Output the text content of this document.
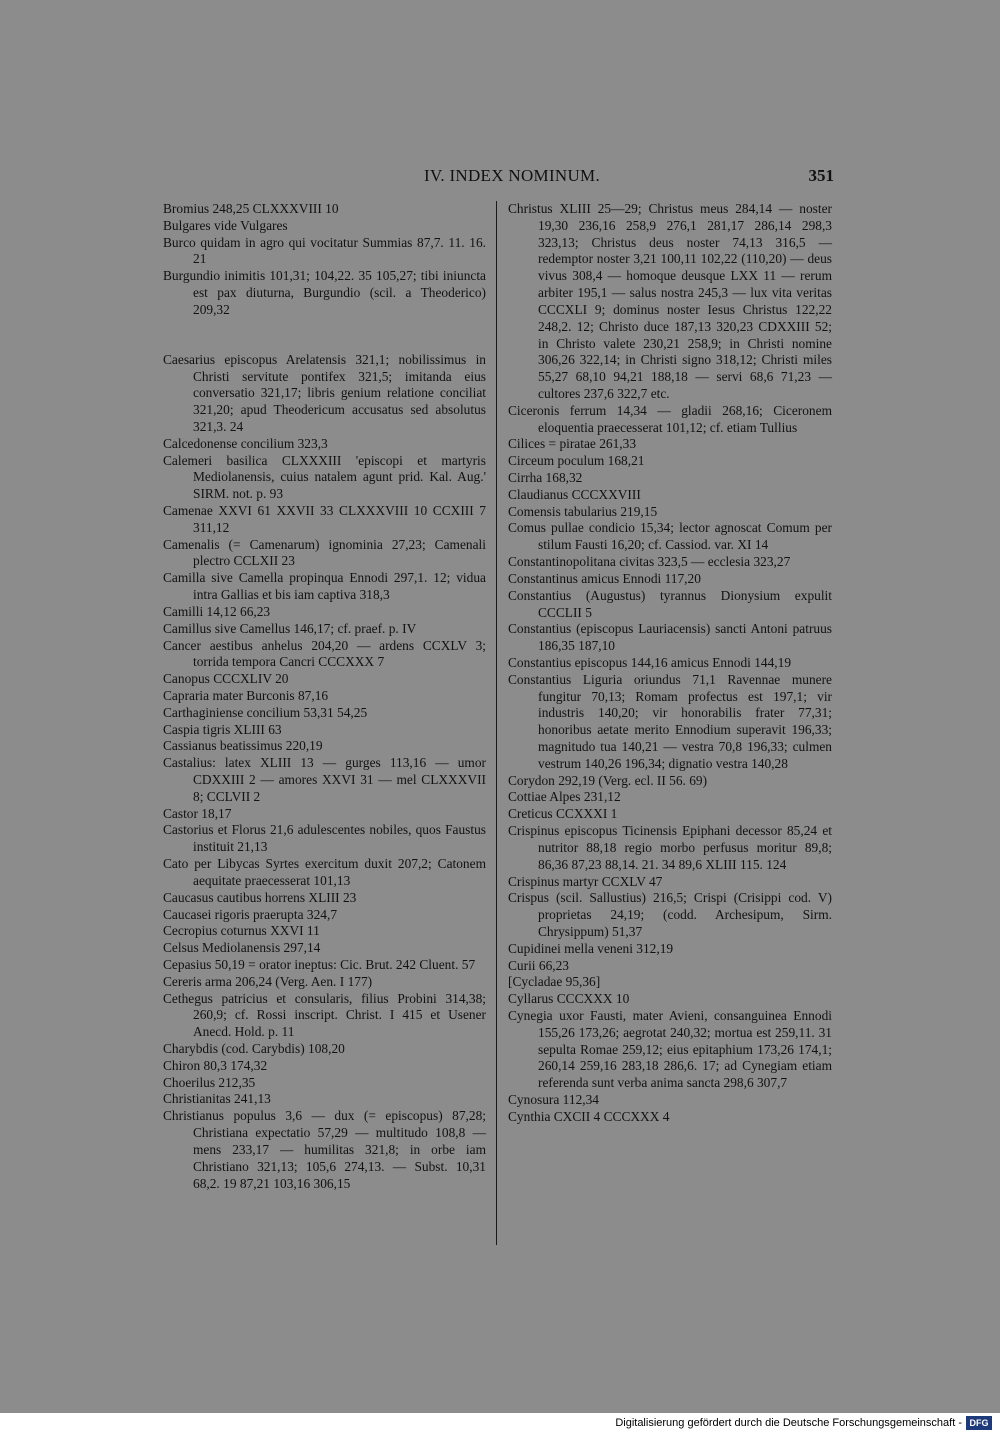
IV. INDEX NOMINUM.	351

Bromius 248,25 CLXXXVIII 10

Bulgares vide Vulgares

Burco quidam in agro qui vocitatur Summias 87,7. 11. 16. 21

Burgundio inimitis 101,31; 104,22. 35 105,27; tibi iniuncta est pax diuturna, Burgundio (scil. a Theoderico) 209,32

Caesarius episcopus Arelatensis 321,1; nobilissimus in Christi servitute pontifex 321,5; imitanda eius conversatio 321,17; libris genium relatione conciliat 321,20; apud Theodericum accusatus sed absolutus 321,3. 24

Calcedonense concilium 323,3

Calemeri basilica CLXXXIII 'episcopi et martyris Mediolanensis, cuius natalem agunt prid. Kal. Aug.' SIRM. not. p. 93

Camenae XXVI 61 XXVII 33 CLXXXVIII 10 CCXIII 7 311,12

Camenalis (= Camenarum) ignominia 27,23; Camenali plectro CCLXII 23

Camilla sive Camella propinqua Ennodi 297,1. 12; vidua intra Gallias et bis iam captiva 318,3

Camilli 14,12 66,23

Camillus sive Camellus 146,17; cf. praef. p. IV

Cancer aestibus anhelus 204,20 — ardens CCXLV 3; torrida tempora Cancri CCCXXX 7

Canopus CCCXLIV 20

Capraria mater Burconis 87,16

Carthaginiense concilium 53,31 54,25

Caspia tigris XLIII 63

Cassianus beatissimus 220,19

Castalius: latex XLIII 13 — gurges 113,16 — umor CDXXIII 2 — amores XXVI 31 — mel CLXXXVII 8; CCLVII 2

Castor 18,17

Castorius et Florus 21,6 adulescentes nobiles, quos Faustus instituit 21,13

Cato per Libycas Syrtes exercitum duxit 207,2; Catonem aequitate praecesserat 101,13

Caucasus cautibus horrens XLIII 23

Caucasei rigoris praerupta 324,7

Cecropius coturnus XXVI 11

Celsus Mediolanensis 297,14

Cepasius 50,19 = orator ineptus: Cic. Brut. 242 Cluent. 57

Cereris arma 206,24 (Verg. Aen. I 177)

Cethegus patricius et consularis, filius Probini 314,38; 260,9; cf. Rossi inscript. Christ. I 415 et Usener Anecd. Hold. p. 11

Charybdis (cod. Carybdis) 108,20

Chiron 80,3 174,32

Choerilus 212,35

Christianitas 241,13

Christianus populus 3,6 — dux (= episcopus) 87,28; Christiana expectatio 57,29 — multitudo 108,8 — mens 233,17 — humilitas 321,8; in orbe iam Christiano 321,13; 105,6 274,13. — Subst. 10,31 68,2. 19 87,21 103,16 306,15

Christus XLIII 25—29; Christus meus 284,14 — noster 19,30 236,16 258,9 276,1 281,17 286,14 298,3 323,13; Christus deus noster 74,13 316,5 — redemptor noster 3,21 100,11 102,22 (110,20) — deus vivus 308,4 — homoque deusque LXX 11 — rerum arbiter 195,1 — salus nostra 245,3 — lux vita veritas CCCXLI 9; dominus noster Iesus Christus 122,22 248,2. 12; Christo duce 187,13 320,23 CDXXIII 52; in Christo valete 230,21 258,9; in Christi nomine 306,26 322,14; in Christi signo 318,12; Christi miles 55,27 68,10 94,21 188,18 — servi 68,6 71,23 — cultores 237,6 322,7 etc.

Ciceronis ferrum 14,34 — gladii 268,16; Ciceronem eloquentia praecesserat 101,12; cf. etiam Tullius

Cilices = piratae 261,33

Circeum poculum 168,21

Cirrha 168,32

Claudianus CCCXXVIII

Comensis tabularius 219,15

Comus pullae condicio 15,34; lector agnoscat Comum per stilum Fausti 16,20; cf. Cassiod. var. XI 14

Constantinopolitana civitas 323,5 — ecclesia 323,27

Constantinus amicus Ennodi 117,20

Constantius (Augustus) tyrannus Dionysium expulit CCCLII 5

Constantius (episcopus Lauriacensis) sancti Antoni patruus 186,35 187,10

Constantius episcopus 144,16 amicus Ennodi 144,19

Constantius Liguria oriundus 71,1 Ravennae munere fungitur 70,13; Romam profectus est 197,1; vir industris 140,20; vir honorabilis frater 77,31; honoribus aetate merito Ennodium superavit 196,33; magnitudo tua 140,21 — vestra 70,8 196,33; culmen vestrum 140,26 196,34; dignatio vestra 140,28

Corydon 292,19 (Verg. ecl. II 56. 69)

Cottiae Alpes 231,12

Creticus CCXXXI 1

Crispinus episcopus Ticinensis Epiphani decessor 85,24 et nutritor 88,18 regio morbo perfusus moritur 89,8; 86,36 87,23 88,14. 21. 34 89,6 XLIII 115. 124

Crispinus martyr CCXLV 47

Crispus (scil. Sallustius) 216,5; Crispi (Crisippi cod. V) proprietas 24,19; (codd. Archesipum, Sirm. Chrysippum) 51,37

Cupidinei mella veneni 312,19

Curii 66,23

[Cycladae 95,36]

Cyllarus CCCXXX 10

Cynegia uxor Fausti, mater Avieni, consanguinea Ennodi 155,26 173,26; aegrotat 240,32; mortua est 259,11. 31 sepulta Romae 259,12; eius epitaphium 173,26 174,1; 260,14 259,16 283,18 286,6. 17; ad Cynegiam etiam referenda sunt verba anima sancta 298,6 307,7

Cynosura 112,34

Cynthia CXCII 4 CCCXXX 4

Digitalisierung gefördert durch die Deutsche Forschungsgemeinschaft - DFG
